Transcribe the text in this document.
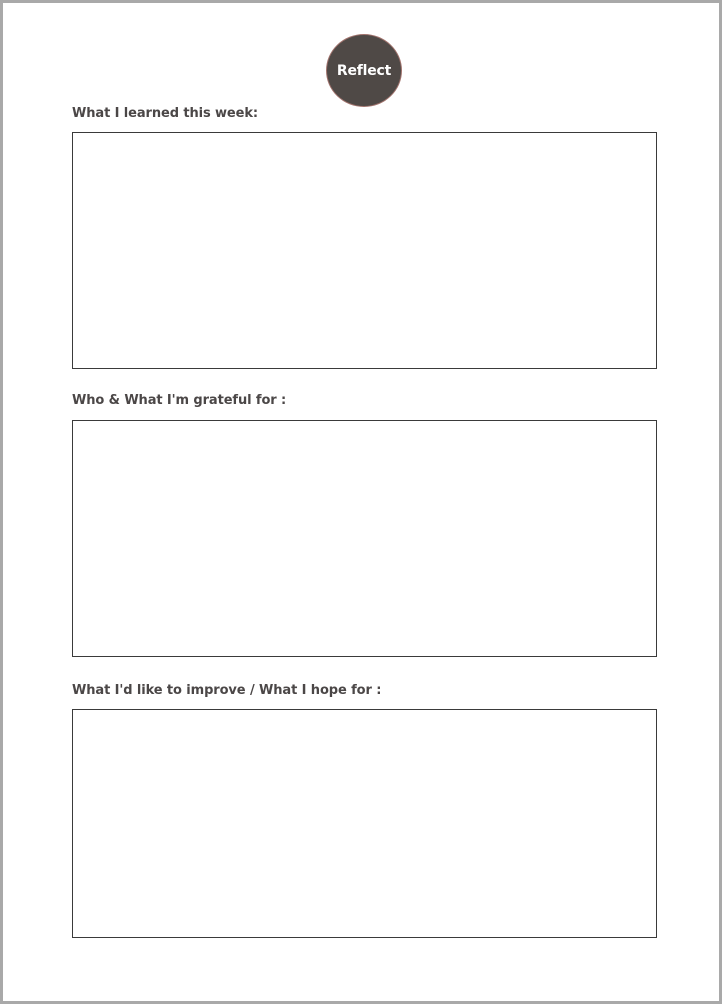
Reflect
What I learned this week:
Who & What I'm grateful for :
What I'd like to improve / What I hope for :
